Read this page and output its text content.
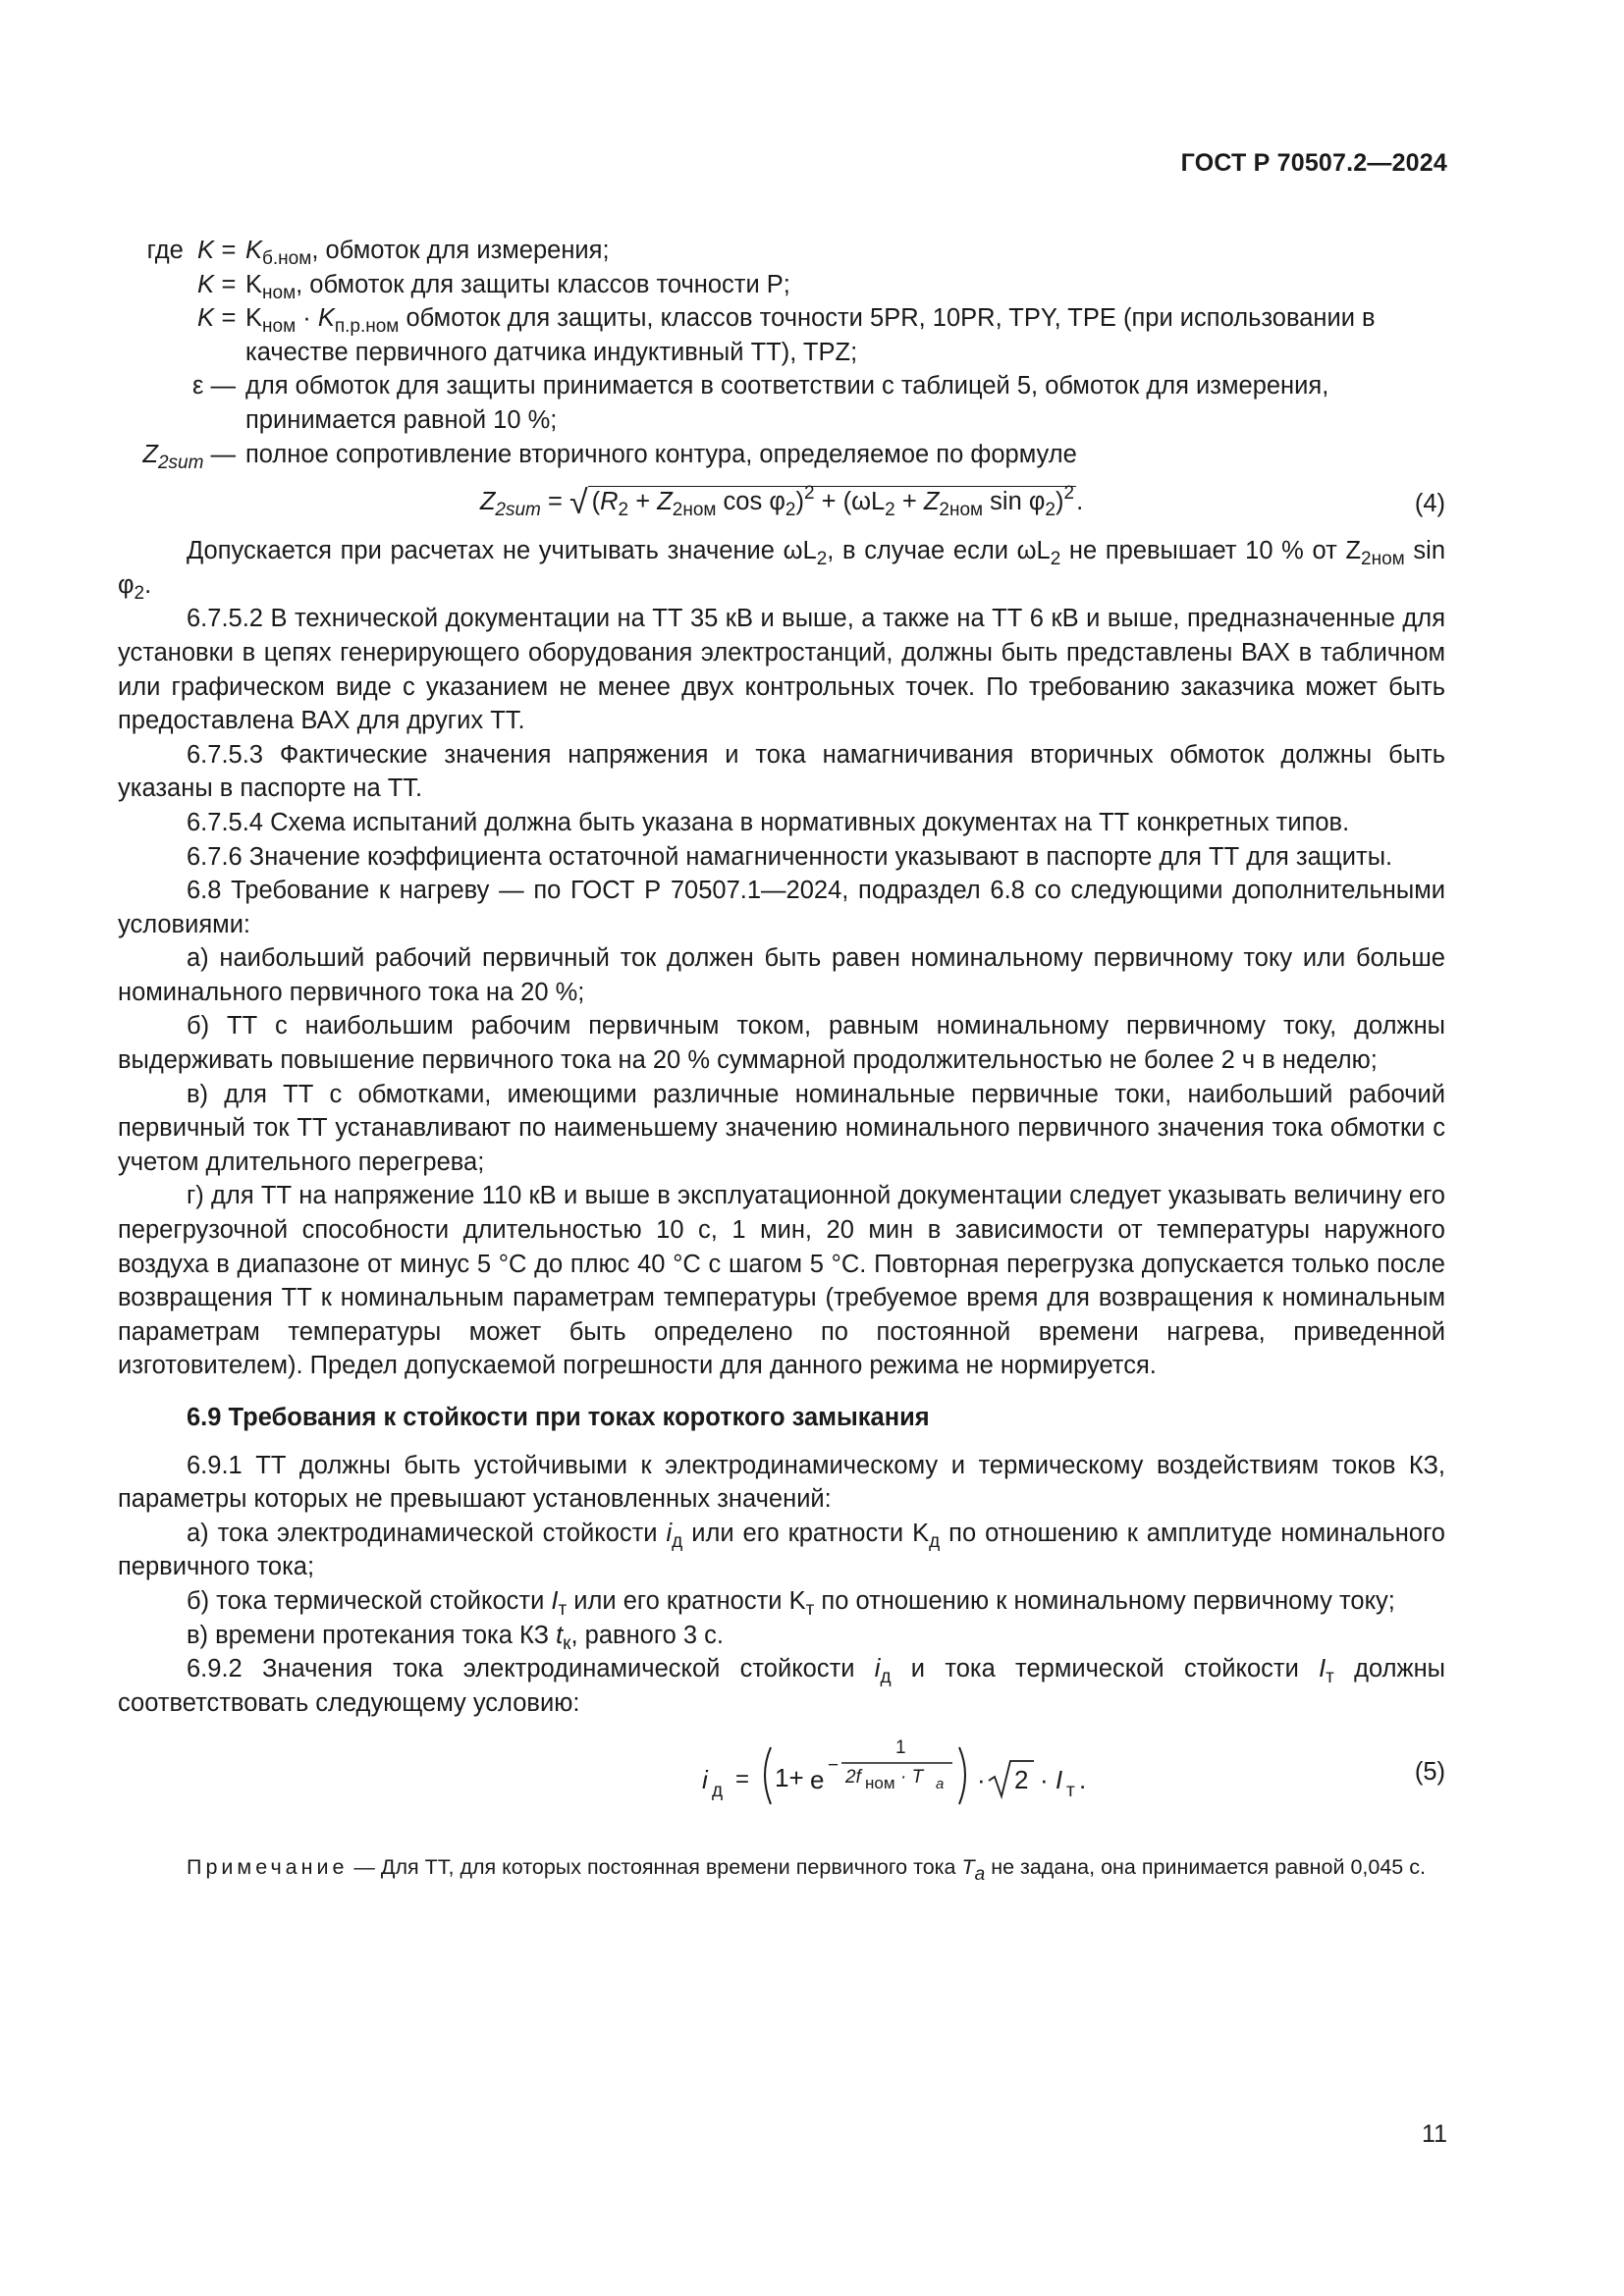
ГОСТ Р 70507.2—2024
где $K = K_{б.ном}$, обмоток для измерения;
$K = K_{ном}$, обмоток для защиты классов точности P;
$K = K_{ном} \cdot K_{п.р.ном}$ обмоток для защиты, классов точности 5PR, 10PR, TPY, TPE (при использовании в качестве первичного датчика индуктивный ТТ), TPZ;
ε — для обмоток для защиты принимается в соответствии с таблицей 5, обмоток для измерения, принимается равной 10 %;
$Z_{2sum}$ — полное сопротивление вторичного контура, определяемое по формуле
$Z_{2sum}$ = √ ($R_2 + Z_{2ном}$ $\cos \varphi_2)^2 + (\omega L_2 + Z_{2ном}$ $\sin \varphi_2)^2$.	(4)

Допускается при расчетах не учитывать значение $\omega L_2$, в случае если $\omega L_2$ не превышает 10 % от $Z_{2ном}$ $\sin \varphi_2$.

6.7.5.2 В технической документации на ТТ 35 кВ и выше, а также на ТТ 6 кВ и выше, предназначенные для установки в цепях генерирующего оборудования электростанций, должны быть представлены ВАХ в табличном или графическом виде с указанием не менее двух контрольных точек. По требованию заказчика может быть предоставлена ВАХ для других ТТ.

6.7.5.3 Фактические значения напряжения и тока намагничивания вторичных обмоток должны быть указаны в паспорте на ТТ.

6.7.5.4 Схема испытаний должна быть указана в нормативных документах на ТТ конкретных типов.

6.7.6 Значение коэффициента остаточной намагниченности указывают в паспорте для ТТ для защиты.

6.8 Требование к нагреву — по ГОСТ Р 70507.1—2024, подраздел 6.8 со следующими дополнительными условиями:

а) наибольший рабочий первичный ток должен быть равен номинальному первичному току или больше номинального первичного тока на 20 %;

б) ТТ с наибольшим рабочим первичным током, равным номинальному первичному току, должны выдерживать повышение первичного тока на 20 % суммарной продолжительностью не более 2 ч в неделю;

в) для ТТ с обмотками, имеющими различные номинальные первичные токи, наибольший рабочий первичный ток ТТ устанавливают по наименьшему значению номинального первичного значения тока обмотки с учетом длительного перегрева;

г) для ТТ на напряжение 110 кВ и выше в эксплуатационной документации следует указывать величину его перегрузочной способности длительностью 10 с, 1 мин, 20 мин в зависимости от температуры наружного воздуха в диапазоне от минус 5 °С до плюс 40 °С с шагом 5 °С. Повторная перегрузка допускается только после возвращения ТТ к номинальным параметрам температуры (требуемое время для возвращения к номинальным параметрам температуры может быть определено по постоянной времени нагрева, приведенной изготовителем). Предел допускаемой погрешности для данного режима не нормируется.

6.9 Требования к стойкости при токах короткого замыкания

6.9.1 ТТ должны быть устойчивыми к электродинамическому и термическому воздействиям токов КЗ, параметры которых не превышают установленных значений:

а) тока электродинамической стойкости $i_д$ или его кратности $K_д$ по отношению к амплитуде номинального первичного тока;

б) тока термической стойкости $I_т$ или его кратности $K_т$ по отношению к номинальному первичному току;

в) времени протекания тока КЗ $t_к$, равного 3 с.

6.9.2 Значения тока электродинамической стойкости $i_д$ и тока термической стойкости $I_т$ должны соответствовать следующему условию:

i д = 1+ e −
1
2f ном · T a · 2 · I т .	(5)

Примечание — Для ТТ, для которых постоянная времени первичного тока Ta не задана, она принимается равной 0,045 с.

11
